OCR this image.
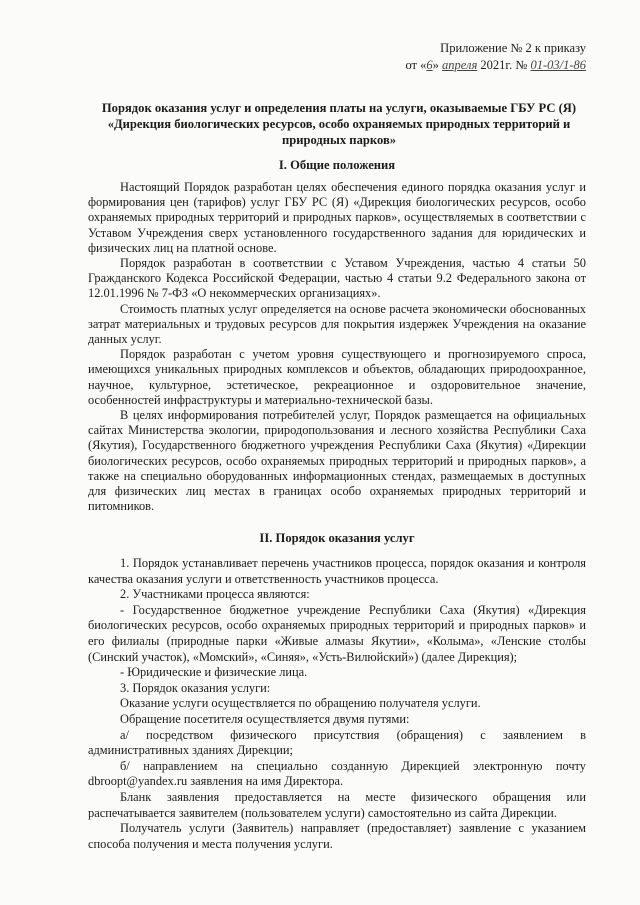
Приложение № 2 к приказу
от «6» апреля 2021г. № 01-03/1-86
Порядок оказания услуг и определения платы на услуги, оказываемые ГБУ РС (Я)
«Дирекция биологических ресурсов, особо охраняемых природных территорий и
природных парков»
I. Общие положения

Настоящий Порядок разработан целях обеспечения единого порядка оказания услуг и формирования цен (тарифов) услуг ГБУ РС (Я) «Дирекция биологических ресурсов, особо охраняемых природных территорий и природных парков», осуществляемых в соответствии с Уставом Учреждения сверх установленного государственного задания для юридических и физических лиц на платной основе.

Порядок разработан в соответствии с Уставом Учреждения, частью 4 статьи 50 Гражданского Кодекса Российской Федерации, частью 4 статьи 9.2 Федерального закона от 12.01.1996 № 7-ФЗ «О некоммерческих организациях».

Стоимость платных услуг определяется на основе расчета экономически обоснованных затрат материальных и трудовых ресурсов для покрытия издержек Учреждения на оказание данных услуг.

Порядок разработан с учетом уровня существующего и прогнозируемого спроса, имеющихся уникальных природных комплексов и объектов, обладающих природоохранное, научное, культурное, эстетическое, рекреационное и оздоровительное значение, особенностей инфраструктуры и материально-технической базы.

В целях информирования потребителей услуг, Порядок размещается на официальных сайтах Министерства экологии, природопользования и лесного хозяйства Республики Саха (Якутия), Государственного бюджетного учреждения Республики Саха (Якутия) «Дирекции биологических ресурсов, особо охраняемых природных территорий и природных парков», а также на специально оборудованных информационных стендах, размещаемых в доступных для физических лиц местах в границах особо охраняемых природных территорий и питомников.

II. Порядок оказания услуг

1. Порядок устанавливает перечень участников процесса, порядок оказания и контроля качества оказания услуги и ответственность участников процесса.

2. Участниками процесса являются:

- Государственное бюджетное учреждение Республики Саха (Якутия) «Дирекция биологических ресурсов, особо охраняемых природных территорий и природных парков» и его филиалы (природные парки «Живые алмазы Якутии», «Колыма», «Ленские столбы (Синский участок), «Момский», «Синяя», «Усть-Вилюйский») (далее Дирекция);

- Юридические и физические лица.

3. Порядок оказания услуги:

Оказание услуги осуществляется по обращению получателя услуги.

Обращение посетителя осуществляется двумя путями:

а/ посредством физического присутствия (обращения) с заявлением в административных зданиях Дирекции;

б/ направлением на специально созданную Дирекцией электронную почту dbroopt@yandex.ru заявления на имя Директора.

Бланк заявления предоставляется на месте физического обращения или распечатывается заявителем (пользователем услуги) самостоятельно из сайта Дирекции.

Получатель услуги (Заявитель) направляет (предоставляет) заявление с указанием способа получения и места получения услуги.
